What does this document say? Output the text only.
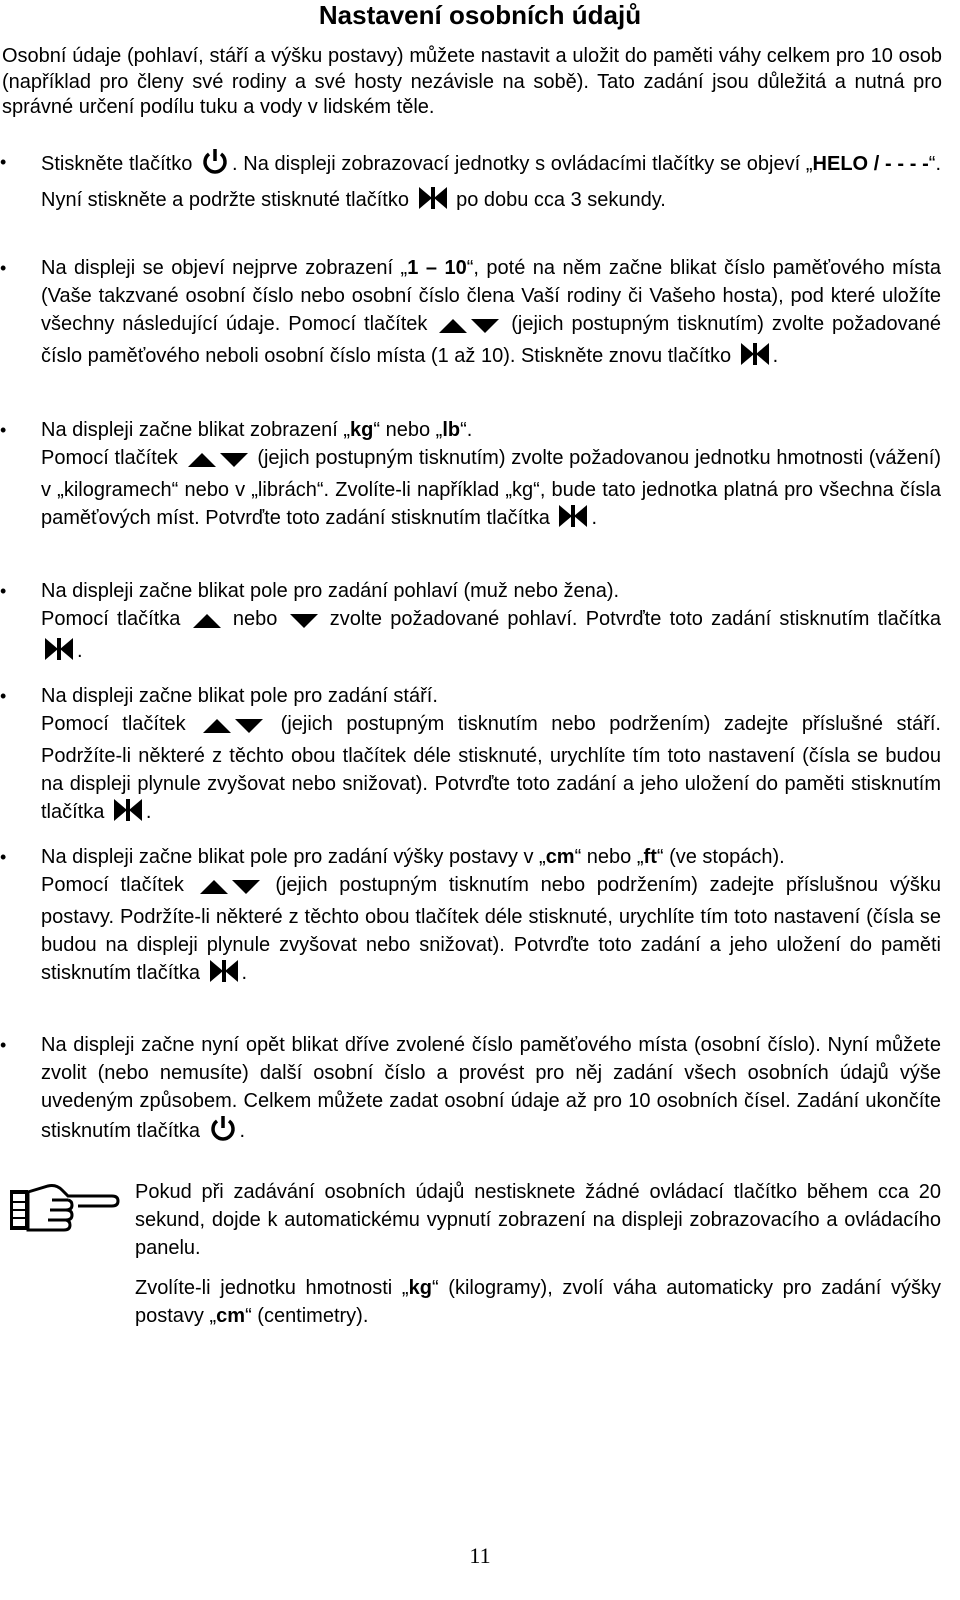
Nastavení osobních údajů

Osobní údaje (pohlaví, stáří a výšku postavy) můžete nastavit a uložit do paměti váhy celkem pro 10 osob (například pro členy své rodiny a své hosty nezávisle na sobě). Tato zadání jsou důležitá a nutná pro správné určení podílu tuku a vody v lidském těle.

• Stiskněte tlačítko . Na displeji zobrazovací jednotky s ovládacími tlačítky se objeví „HELO / - - - -“. Nyní stiskněte a podržte stisknuté tlačítko  po dobu cca 3 sekundy.
• Na displeji se objeví nejprve zobrazení „1 – 10“, poté na něm začne blikat číslo paměťového místa (Vaše takzvané osobní číslo nebo osobní číslo člena Vaší rodiny či Vašeho hosta), pod které uložíte všechny následující údaje. Pomocí tlačítek	(jejich postupným tisknutím) zvolte požadované číslo paměťového neboli osobní číslo místa (1 až 10). Stiskněte znovu tlačítko .
• Na displeji začne blikat zobrazení „kg“ nebo „lb“.
Pomocí tlačítek	(jejich postupným tisknutím) zvolte požadovanou jednotku hmotnosti (vážení) v „kilogramech“ nebo v „librách“. Zvolíte-li například „kg“, bude tato jednotka platná pro všechna čísla paměťových míst. Potvrďte toto zadání stisknutím tlačítka .
• Na displeji začne blikat pole pro zadání pohlaví (muž nebo žena).
Pomocí tlačítka  nebo  zvolte požadované pohlaví. Potvrďte toto zadání stisknutím tlačítka .
• Na displeji začne blikat pole pro zadání stáří.
Pomocí tlačítek	(jejich postupným tisknutím nebo podržením) zadejte příslušné stáří. Podržíte-li některé z těchto obou tlačítek déle stisknuté, urychlíte tím toto nastavení (čísla se budou na displeji plynule zvyšovat nebo snižovat). Potvrďte toto zadání a jeho uložení do paměti stisknutím tlačítka .
• Na displeji začne blikat pole pro zadání výšky postavy v „cm“ nebo „ft“ (ve stopách).
Pomocí tlačítek	(jejich postupným tisknutím nebo podržením) zadejte příslušnou výšku postavy. Podržíte-li některé z těchto obou tlačítek déle stisknuté, urychlíte tím toto nastavení (čísla se budou na displeji plynule zvyšovat nebo snižovat). Potvrďte toto zadání a jeho uložení do paměti stisknutím tlačítka .
• Na displeji začne nyní opět blikat dříve zvolené číslo paměťového místa (osobní číslo). Nyní můžete zvolit (nebo nemusíte) další osobní číslo a provést pro něj zadání všech osobních údajů výše uvedeným způsobem. Celkem můžete zadat osobní údaje až pro 10 osobních čísel. Zadání ukončíte stisknutím tlačítka .

Pokud při zadávání osobních údajů nestisknete žádné ovládací tlačítko během cca 20 sekund, dojde k automatickému vypnutí zobrazení na displeji zobrazovacího a ovládacího panelu.

Zvolíte-li jednotku hmotnosti „kg“ (kilogramy), zvolí váha automaticky pro zadání výšky postavy „cm“ (centimetry).

11
